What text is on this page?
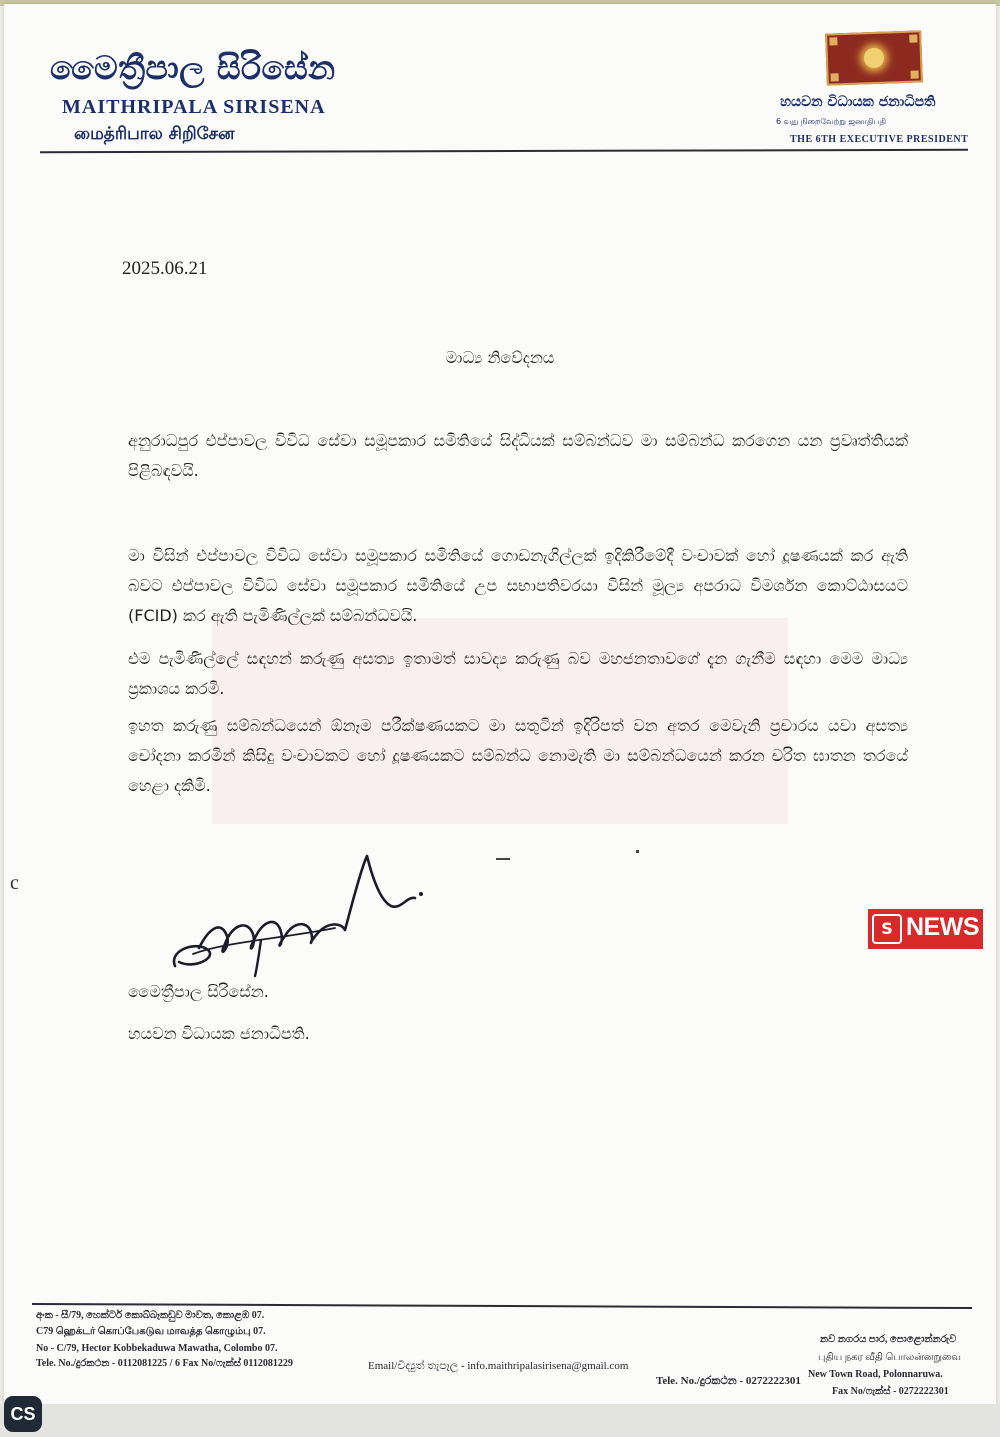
මෛත්‍රීපාල සිරිසේන
MAITHRIPALA SIRISENA
மைத்ரிபால சிறிசேன
හයවන විධායක ජනාධිපති
6 வது நிறைவேற்று ஜனாதிபதி
THE 6TH EXECUTIVE PRESIDENT
2025.06.21
මාධ්‍ය නිවේදනය
අනුරාධපුර එප්පාවල විවිධ සේවා සමූපකාර සමිතියේ සිද්ධියක් සම්බන්ධව මා සම්බන්ධ කරගෙන යන ප්‍රවෘත්තියක් පිළිබඳවයි.
මා විසින් එප්පාවල විවිධ සේවා සමූපකාර සමිතියේ ගොඩනැගිල්ලක් ඉදිකිරීමේදී වංචාවක් හෝ දූෂණයක් කර ඇති බවට එප්පාවල විවිධ සේවා සමූපකාර සමිතියේ උප සභාපතිවරයා විසින් මූල්‍ය අපරාධ විමර්ශන කොට්ඨාසයට (FCID) කර ඇති පැමිණිල්ලක් සම්බන්ධවයි.
එම පැමිණිල්ලේ සඳහන් කරුණු අසත්‍ය ඉතාමත් සාවද්‍ය කරුණු බව මහජනතාවගේ දැන ගැනීම සඳහා මෙම මාධ්‍ය ප්‍රකාශය කරමි.
ඉහත කරුණු සම්බන්ධයෙන් ඕනෑම පරීක්ෂණයකට මා සතුටින් ඉදිරිපත් වන අතර මෙවැනි ප්‍රචාරය යවා අසත්‍ය චෝදනා කරමින් කිසිදු වංචාවකට හෝ දූෂණයකට සම්බන්ධ නොමැති මා සම්බන්ධයෙන් කරන චරිත ඝාතන තරයේ හෙළා දකිමි.
c
මෛත්‍රීපාල සිරිසේන.
හයවන විධායක ජනාධිපති.
S NEWS
අංක - සී/79, හෙක්ටර් කොබ්බෑකඩුව මාවත, කොළඹ 07.
C79 ஹெக்டர் கொப்பேகடுவ மாவத்த கொழும்பு 07.
No - C/79, Hector Kobbekaduwa Mawatha, Colombo 07.
Tele. No./දුරකථන - 0112081225 / 6 Fax No/ෆැක්ස් 0112081229	Email/විද්‍යුත් තැපෑල - info.maithripalasirisena@gmail.com
Tele. No./දුරකථන - 0272222301
නව නගරය පාර, පොළොන්නරුව
புதிய நகர வீதி பொலன்னறுவை
New Town Road, Polonnaruwa.
Fax No/ෆැක්ස් - 0272222301
CS
